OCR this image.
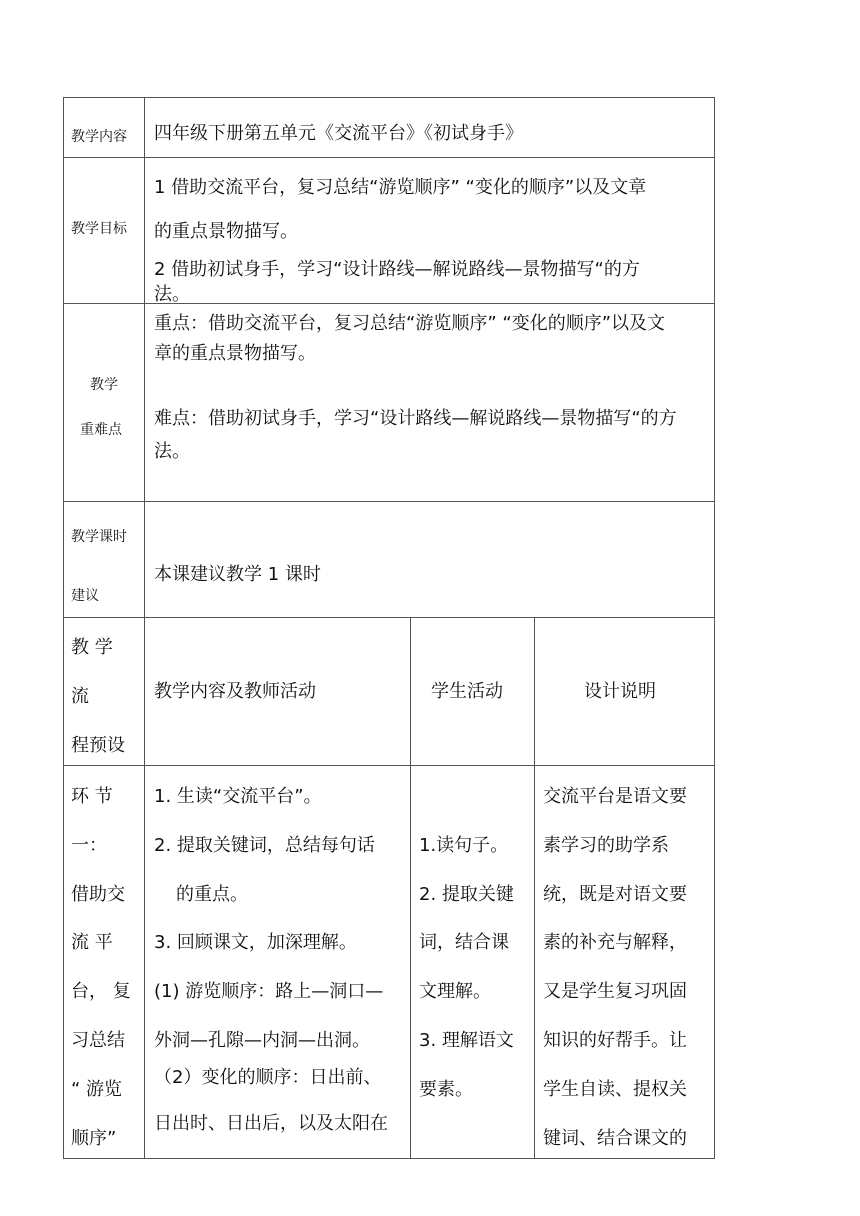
教学内容 四年级下册第五单元《交流平台》《初试身手》
教学目标
1 借助交流平台，复习总结“游览顺序” “变化的顺序”以及文章
的重点景物描写。
2 借助初试身手，学习“设计路线—解说路线—景物描写“的方
法。
教学
重难点
重点：借助交流平台，复习总结“游览顺序” “变化的顺序”以及文
章的重点景物描写。
难点：借助初试身手，学习“设计路线—解说路线—景物描写“的方
法。
教学课时
建议
本课建议教学 1 课时
教 学
流
程预设
教学内容及教师活动	学生活动	设计说明
环 节
一：
借助交
流 平
台， 复
习总结
“ 游览
顺序”
1. 生读“交流平台”。
2. 提取关键词，总结每句话
的重点。
3. 回顾课文，加深理解。
(1) 游览顺序：路上—洞口—
外洞—孔隙—内洞—出洞。
（2）变化的顺序：日出前、
日出时、日出后，以及太阳在
1.读句子。
2. 提取关键
词，结合课
文理解。
3. 理解语文
要素。
交流平台是语文要
素学习的助学系
统，既是对语文要
素的补充与解释，
又是学生复习巩固
知识的好帮手。让
学生自读、提权关
键词、结合课文的
